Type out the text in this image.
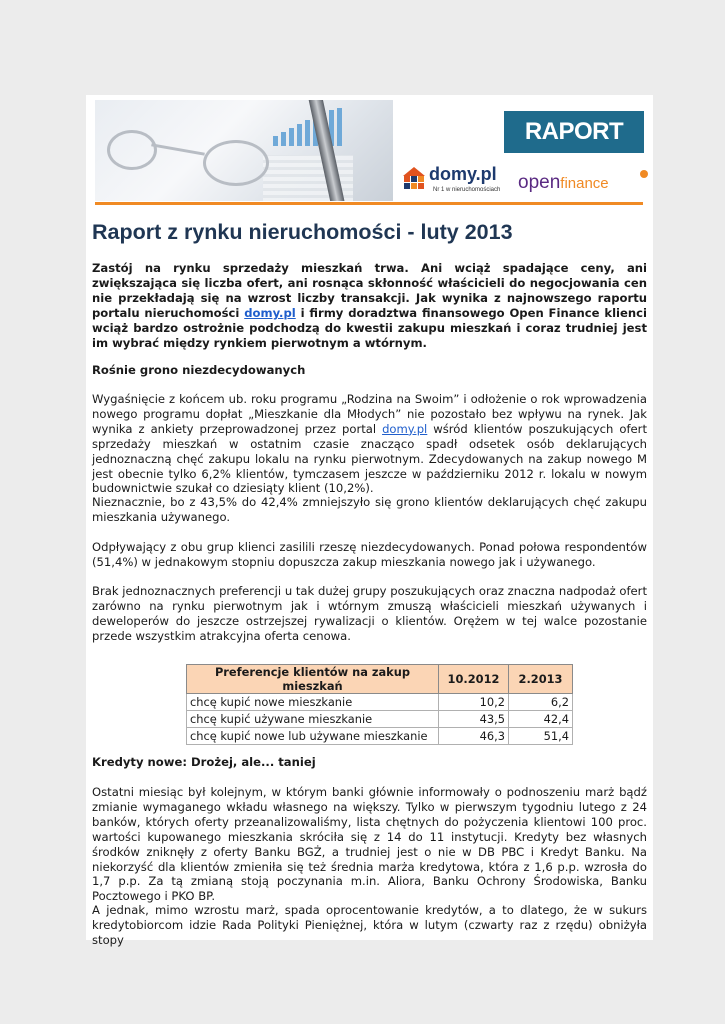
RAPORT
domy.pl
Nr 1 w nieruchomościach openfinance
Raport z rynku nieruchomości - luty 2013

Zastój na rynku sprzedaży mieszkań trwa. Ani wciąż spadające ceny, ani zwiększająca się liczba ofert, ani rosnąca skłonność właścicieli do negocjowania cen nie przekładają się na wzrost liczby transakcji. Jak wynika z najnowszego raportu portalu nieruchomości domy.pl i firmy doradztwa finansowego Open Finance klienci wciąż bardzo ostrożnie podchodzą do kwestii zakupu mieszkań i coraz trudniej jest im wybrać między rynkiem pierwotnym a wtórnym.

Rośnie grono niezdecydowanych

Wygaśnięcie z końcem ub. roku programu „Rodzina na Swoim” i odłożenie o rok wprowadzenia nowego programu dopłat „Mieszkanie dla Młodych” nie pozostało bez wpływu na rynek. Jak wynika z ankiety przeprowadzonej przez portal domy.pl wśród klientów poszukujących ofert sprzedaży mieszkań w ostatnim czasie znacząco spadł odsetek osób deklarujących jednoznaczną chęć zakupu lokalu na rynku pierwotnym. Zdecydowanych na zakup nowego M jest obecnie tylko 6,2% klientów, tymczasem jeszcze w październiku 2012 r. lokalu w nowym budownictwie szukał co dziesiąty klient (10,2%).

Nieznacznie, bo z 43,5% do 42,4% zmniejszyło się grono klientów deklarujących chęć zakupu mieszkania używanego.

Odpływający z obu grup klienci zasilili rzeszę niezdecydowanych. Ponad połowa respondentów (51,4%) w jednakowym stopniu dopuszcza zakup mieszkania nowego jak i używanego.

Brak jednoznacznych preferencji u tak dużej grupy poszukujących oraz znaczna nadpodaż ofert zarówno na rynku pierwotnym jak i wtórnym zmuszą właścicieli mieszkań używanych i deweloperów do jeszcze ostrzejszej rywalizacji o klientów. Orężem w tej walce pozostanie przede wszystkim atrakcyjna oferta cenowa.

Preferencje klientów na zakup mieszkań	10.2012	2.2013
chcę kupić nowe mieszkanie	10,2	6,2
chcę kupić używane mieszkanie	43,5	42,4
chcę kupić nowe lub używane mieszkanie	46,3	51,4

Kredyty nowe: Drożej, ale... taniej

Ostatni miesiąc był kolejnym, w którym banki głównie informowały o podnoszeniu marż bądź zmianie wymaganego wkładu własnego na większy. Tylko w pierwszym tygodniu lutego z 24 banków, których oferty przeanalizowaliśmy, lista chętnych do pożyczenia klientowi 100 proc. wartości kupowanego mieszkania skróciła się z 14 do 11 instytucji. Kredyty bez własnych środków zniknęły z oferty Banku BGŻ, a trudniej jest o nie w DB PBC i Kredyt Banku. Na niekorzyść dla klientów zmieniła się też średnia marża kredytowa, która z 1,6 p.p. wzrosła do 1,7 p.p. Za tą zmianą stoją poczynania m.in. Aliora, Banku Ochrony Środowiska, Banku Pocztowego i PKO BP.

A jednak, mimo wzrostu marż, spada oprocentowanie kredytów, a to dlatego, że w sukurs kredytobiorcom idzie Rada Polityki Pieniężnej, która w lutym (czwarty raz z rzędu) obniżyła stopy
